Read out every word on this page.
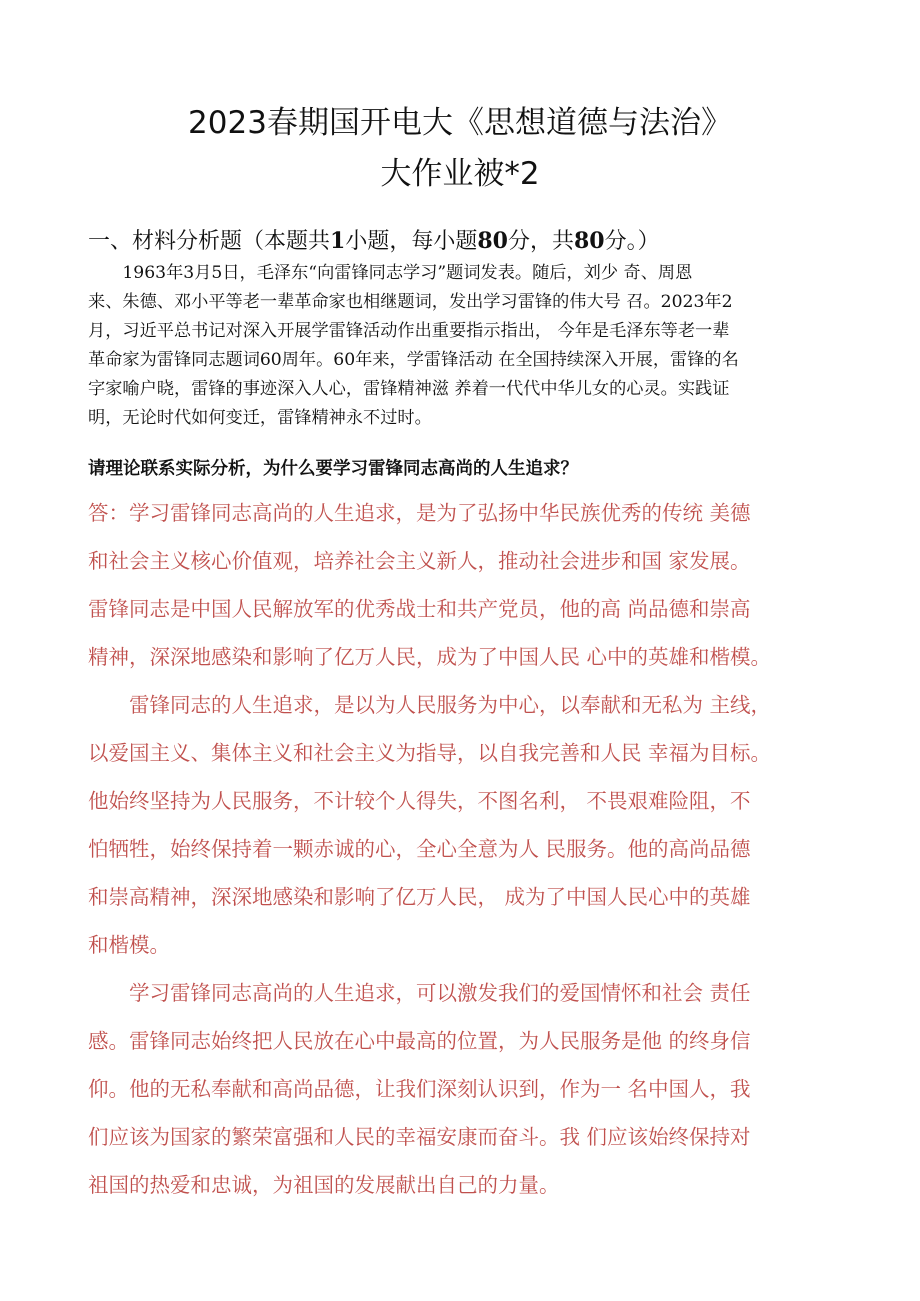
2023春期国开电大《思想道德与法治》
大作业被*2
一、材料分析题（本题共1小题，每小题80分，共80分。）
　　1963年3月5日，毛泽东“向雷锋同志学习”题词发表。随后，刘少 奇、周恩
来、朱德、邓小平等老一辈革命家也相继题词，发出学习雷锋的伟大号 召。2023年2
月，习近平总书记对深入开展学雷锋活动作出重要指示指出， 今年是毛泽东等老一辈
革命家为雷锋同志题词60周年。60年来，学雷锋活动 在全国持续深入开展，雷锋的名
字家喻户晓，雷锋的事迹深入人心，雷锋精神滋 养着一代代中华儿女的心灵。实践证
明，无论时代如何变迁，雷锋精神永不过时。
请理论联系实际分析，为什么要学习雷锋同志高尚的人生追求？
答：学习雷锋同志高尚的人生追求，是为了弘扬中华民族优秀的传统 美德
和社会主义核心价值观，培养社会主义新人，推动社会进步和国 家发展。
雷锋同志是中国人民解放军的优秀战士和共产党员，他的高 尚品德和崇高
精神，深深地感染和影响了亿万人民，成为了中国人民 心中的英雄和楷模。
　　雷锋同志的人生追求，是以为人民服务为中心，以奉献和无私为 主线，
以爱国主义、集体主义和社会主义为指导，以自我完善和人民 幸福为目标。
他始终坚持为人民服务，不计较个人得失，不图名利， 不畏艰难险阻，不
怕牺牲，始终保持着一颗赤诚的心，全心全意为人 民服务。他的高尚品德
和崇高精神，深深地感染和影响了亿万人民， 成为了中国人民心中的英雄
和楷模。
　　学习雷锋同志高尚的人生追求，可以激发我们的爱国情怀和社会 责任
感。雷锋同志始终把人民放在心中最高的位置，为人民服务是他 的终身信
仰。他的无私奉献和高尚品德，让我们深刻认识到，作为一 名中国人，我
们应该为国家的繁荣富强和人民的幸福安康而奋斗。我 们应该始终保持对
祖国的热爱和忠诚，为祖国的发展献出自己的力量。
